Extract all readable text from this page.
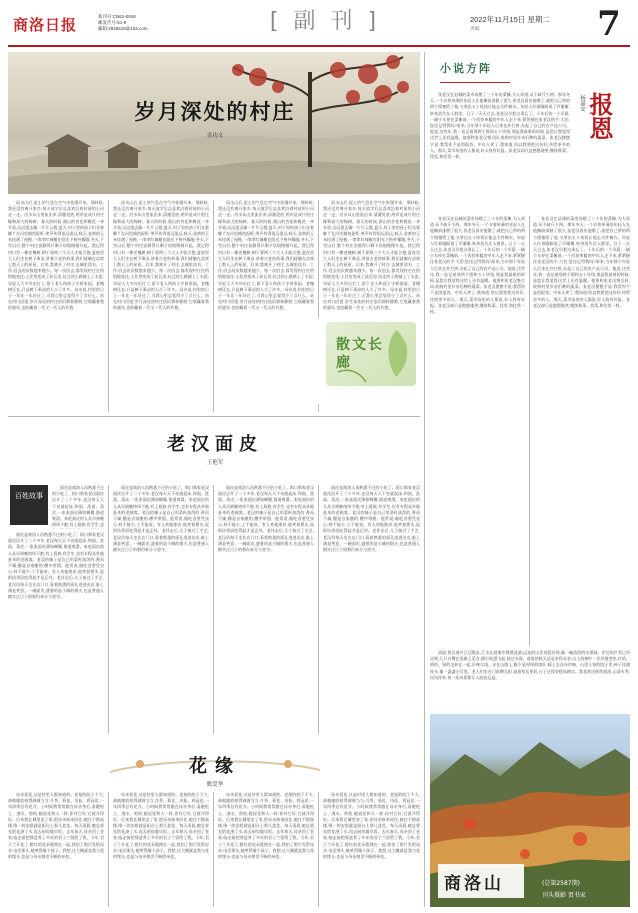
商洛日报	新刊号:CN61-0048
邮发代号:51-9
邮箱:2845510@163.com	[ 副 刊 ]	2022年11月15日 星期二
责编:	7
岁月深处的村庄
金功文
雨水山后,泥土的气息在空气中弥漫开来。那时候,我还没有离开家乡,每天放学后总喜欢沿着村前的小河走一走。河水从山里流出来,清澈见底,两岸是成片的庄稼和高大的杨树。春天的时候,满山的杏花和桃花一齐开放,远远望去像一片片云霞;夏天,村子里的孩子们光着脚丫在河里摸鱼捉虾,笑声传得很远很远;秋天,金黄的玉米挂满了屋檐,一串串红辣椒在阳光下格外耀眼;冬天,下雪以后,整个村庄安静得只剩下炊烟慢慢升起。我记得村口有一棵老槐树,树干要两三个大人才能合抱,夏夜里大人们坐在树下乘凉,讲着古老的故事,我们就躺在凉席上数天上的星星。后来,我离开了村庄,去城里读书、工作,回去的次数越来越少。每一次回去,都发现村庄在悄悄地变化:土坯房变成了砖瓦房,坑洼的土路铺上了水泥,年轻人大多外出打工,留下老人和孩子守着家园。老槐树还在,只是树下乘凉的人少了许多。母亲说,村里的日子一年比一年好过了,可我心里总觉得少了点什么。站在村口回望,岁月深处的村庄依旧那样静默,它收藏着我的童年,也收藏着一代又一代人的乡愁。
雨水山后,泥土的气息在空气中弥漫开来。那时候,我还没有离开家乡,每天放学后总喜欢沿着村前的小河走一走。河水从山里流出来,清澈见底,两岸是成片的庄稼和高大的杨树。春天的时候,满山的杏花和桃花一齐开放,远远望去像一片片云霞;夏天,村子里的孩子们光着脚丫在河里摸鱼捉虾,笑声传得很远很远;秋天,金黄的玉米挂满了屋檐,一串串红辣椒在阳光下格外耀眼;冬天,下雪以后,整个村庄安静得只剩下炊烟慢慢升起。我记得村口有一棵老槐树,树干要两三个大人才能合抱,夏夜里大人们坐在树下乘凉,讲着古老的故事,我们就躺在凉席上数天上的星星。后来,我离开了村庄,去城里读书、工作,回去的次数越来越少。每一次回去,都发现村庄在悄悄地变化:土坯房变成了砖瓦房,坑洼的土路铺上了水泥,年轻人大多外出打工,留下老人和孩子守着家园。老槐树还在,只是树下乘凉的人少了许多。母亲说,村里的日子一年比一年好过了,可我心里总觉得少了点什么。站在村口回望,岁月深处的村庄依旧那样静默,它收藏着我的童年,也收藏着一代又一代人的乡愁。
雨水山后,泥土的气息在空气中弥漫开来。那时候,我还没有离开家乡,每天放学后总喜欢沿着村前的小河走一走。河水从山里流出来,清澈见底,两岸是成片的庄稼和高大的杨树。春天的时候,满山的杏花和桃花一齐开放,远远望去像一片片云霞;夏天,村子里的孩子们光着脚丫在河里摸鱼捉虾,笑声传得很远很远;秋天,金黄的玉米挂满了屋檐,一串串红辣椒在阳光下格外耀眼;冬天,下雪以后,整个村庄安静得只剩下炊烟慢慢升起。我记得村口有一棵老槐树,树干要两三个大人才能合抱,夏夜里大人们坐在树下乘凉,讲着古老的故事,我们就躺在凉席上数天上的星星。后来,我离开了村庄,去城里读书、工作,回去的次数越来越少。每一次回去,都发现村庄在悄悄地变化:土坯房变成了砖瓦房,坑洼的土路铺上了水泥,年轻人大多外出打工,留下老人和孩子守着家园。老槐树还在,只是树下乘凉的人少了许多。母亲说,村里的日子一年比一年好过了,可我心里总觉得少了点什么。站在村口回望,岁月深处的村庄依旧那样静默,它收藏着我的童年,也收藏着一代又一代人的乡愁。
雨水山后,泥土的气息在空气中弥漫开来。那时候,我还没有离开家乡,每天放学后总喜欢沿着村前的小河走一走。河水从山里流出来,清澈见底,两岸是成片的庄稼和高大的杨树。春天的时候,满山的杏花和桃花一齐开放,远远望去像一片片云霞;夏天,村子里的孩子们光着脚丫在河里摸鱼捉虾,笑声传得很远很远;秋天,金黄的玉米挂满了屋檐,一串串红辣椒在阳光下格外耀眼;冬天,下雪以后,整个村庄安静得只剩下炊烟慢慢升起。我记得村口有一棵老槐树,树干要两三个大人才能合抱,夏夜里大人们坐在树下乘凉,讲着古老的故事,我们就躺在凉席上数天上的星星。后来,我离开了村庄,去城里读书、工作,回去的次数越来越少。每一次回去,都发现村庄在悄悄地变化:土坯房变成了砖瓦房,坑洼的土路铺上了水泥,年轻人大多外出打工,留下老人和孩子守着家园。老槐树还在,只是树下乘凉的人少了许多。母亲说,村里的日子一年比一年好过了,可我心里总觉得少了点什么。站在村口回望,岁月深处的村庄依旧那样静默,它收藏着我的童年,也收藏着一代又一代人的乡愁。
老汉面皮
王艳军
百姓故事
面皮是商洛人再熟悉不过的小吃了。街口那家老汉面皮店开了二十多年,老汉每天天不亮就起床,和面、洗面、蒸皮,一张张面皮薄如蝉翼,筋道爽滑。来吃面皮的人从早到晚络绎不绝,有上班族,有学生,也
面皮是商洛人再熟悉不过的小吃了。街口那家老汉面皮店开了二十多年,老汉每天天不亮就起床,和面、洗面、蒸皮,一张张面皮薄如蝉翼,筋道爽滑。来吃面皮的人从早到晚络绎不绝,有上班族,有学生,也有专程从外地赶来的老顾客。老汉的辣子是自己用菜籽油泼的,香而不燥;醋是自家酿的,酸中带甜。他常说,做吃食要凭良心,料不能少,工不能省。有人劝他涨价,他笑着摇头,说街坊邻居吃得起才是正经。老伴走后,儿子接过了手艺,老汉仍每天坐在店门口,看着熟悉的面孔进进出出,脸上满是笑意。一碗面皮,盛着的是小城的烟火,也是普通人踏实过日子的那份本分与坚守。
面皮是商洛人再熟悉不过的小吃了。街口那家老汉面皮店开了二十多年,老汉每天天不亮就起床,和面、洗面、蒸皮,一张张面皮薄如蝉翼,筋道爽滑。来吃面皮的人从早到晚络绎不绝,有上班族,有学生,也有专程从外地赶来的老顾客。老汉的辣子是自己用菜籽油泼的,香而不燥;醋是自家酿的,酸中带甜。他常说,做吃食要凭良心,料不能少,工不能省。有人劝他涨价,他笑着摇头,说街坊邻居吃得起才是正经。老伴走后,儿子接过了手艺,老汉仍每天坐在店门口,看着熟悉的面孔进进出出,脸上满是笑意。一碗面皮,盛着的是小城的烟火,也是普通人踏实过日子的那份本分与坚守。
面皮是商洛人再熟悉不过的小吃了。街口那家老汉面皮店开了二十多年,老汉每天天不亮就起床,和面、洗面、蒸皮,一张张面皮薄如蝉翼,筋道爽滑。来吃面皮的人从早到晚络绎不绝,有上班族,有学生,也有专程从外地赶来的老顾客。老汉的辣子是自己用菜籽油泼的,香而不燥;醋是自家酿的,酸中带甜。他常说,做吃食要凭良心,料不能少,工不能省。有人劝他涨价,他笑着摇头,说街坊邻居吃得起才是正经。老伴走后,儿子接过了手艺,老汉仍每天坐在店门口,看着熟悉的面孔进进出出,脸上满是笑意。一碗面皮,盛着的是小城的烟火,也是普通人踏实过日子的那份本分与坚守。
面皮是商洛人再熟悉不过的小吃了。街口那家老汉面皮店开了二十多年,老汉每天天不亮就起床,和面、洗面、蒸皮,一张张面皮薄如蝉翼,筋道爽滑。来吃面皮的人从早到晚络绎不绝,有上班族,有学生,也有专程从外地赶来的老顾客。老汉的辣子是自己用菜籽油泼的,香而不燥;醋是自家酿的,酸中带甜。他常说,做吃食要凭良心,料不能少,工不能省。有人劝他涨价,他笑着摇头,说街坊邻居吃得起才是正经。老伴走后,儿子接过了手艺,老汉仍每天坐在店门口,看着熟悉的面孔进进出出,脸上满是笑意。一碗面皮,盛着的是小城的烟火,也是普通人踏实过日子的那份本分与坚守。
花缘
默爱华
母亲爱花,这是村里人都知道的。老屋的院子不大,却被她收拾得满满当当,月季、菊花、凤仙、鸡冠花,一年四季总有花开。小时候我常常跟在母亲身后,看她松土、浇水、剪枝,她说花和人一样,你对它好,它就开得好。后来我在城里安了家,把母亲接来同住,她住不惯高楼,唯一的安慰就是阳台上那几盆花。每天清晨,她总要先给花浇了水,再去厨房做早饭。去年春天,母亲回了老家,临走前把那盆养了多年的君子兰留给了我。今年,君子兰开花了,橙红的花朵簇拥在一起,我拍了照片发给母亲,电话那头,她笑得像个孩子。我想,这大概就是我与花的缘分,也是与母亲割舍不断的牵挂。
母亲爱花,这是村里人都知道的。老屋的院子不大,却被她收拾得满满当当,月季、菊花、凤仙、鸡冠花,一年四季总有花开。小时候我常常跟在母亲身后,看她松土、浇水、剪枝,她说花和人一样,你对它好,它就开得好。后来我在城里安了家,把母亲接来同住,她住不惯高楼,唯一的安慰就是阳台上那几盆花。每天清晨,她总要先给花浇了水,再去厨房做早饭。去年春天,母亲回了老家,临走前把那盆养了多年的君子兰留给了我。今年,君子兰开花了,橙红的花朵簇拥在一起,我拍了照片发给母亲,电话那头,她笑得像个孩子。我想,这大概就是我与花的缘分,也是与母亲割舍不断的牵挂。
母亲爱花,这是村里人都知道的。老屋的院子不大,却被她收拾得满满当当,月季、菊花、凤仙、鸡冠花,一年四季总有花开。小时候我常常跟在母亲身后,看她松土、浇水、剪枝,她说花和人一样,你对它好,它就开得好。后来我在城里安了家,把母亲接来同住,她住不惯高楼,唯一的安慰就是阳台上那几盆花。每天清晨,她总要先给花浇了水,再去厨房做早饭。去年春天,母亲回了老家,临走前把那盆养了多年的君子兰留给了我。今年,君子兰开花了,橙红的花朵簇拥在一起,我拍了照片发给母亲,电话那头,她笑得像个孩子。我想,这大概就是我与花的缘分,也是与母亲割舍不断的牵挂。
母亲爱花,这是村里人都知道的。老屋的院子不大,却被她收拾得满满当当,月季、菊花、凤仙、鸡冠花,一年四季总有花开。小时候我常常跟在母亲身后,看她松土、浇水、剪枝,她说花和人一样,你对它好,它就开得好。后来我在城里安了家,把母亲接来同住,她住不惯高楼,唯一的安慰就是阳台上那几盆花。每天清晨,她总要先给花浇了水,再去厨房做早饭。去年春天,母亲回了老家,临走前把那盆养了多年的君子兰留给了我。今年,君子兰开花了,橙红的花朵簇拥在一起,我拍了照片发给母亲,电话那头,她笑得像个孩子。我想,这大概就是我与花的缘分,也是与母亲割舍不断的牵挂。
小说方阵
报恩
杨嘉安
张老汉在县城的菜市场摆了三十年的菜摊,为人厚道,从不缺斤少两。那年冬天,一个衣着单薄的年轻人在他摊前徘徊了很久,张老汉看出他饿了,就把自己带的两个馍塞给了他,又拿出五十块钱让他去买件棉衣。年轻人红着眼眶说了声谢谢,转身消失在人群里。日子一天天过去,张老汉早把这事忘了。十年后的一个早晨,一辆小车停在菜摊前,一个西装革履的中年人走下来,紧紧握住张老汉的手:大伯,您还记得我吗?原来,当年那个年轻人后来在外打拼,办起了自己的农产品公司。他说,这些年,我一直记着那两个馍和五十块钱,那是我最难的时候,是您让我觉得这世上还有温暖。他要和张老汉签合同,收购村里乡亲们种的蔬菜。张老汉摆摆手说:我帮你不是图报答。中年人笑了:我知道,所以我要把这份好,传给更多的人。那天,菜市场里的人都说,好人终有好报。张老汉却只是憨憨地笑,继续称菜、找零,和往常一样。
张老汉在县城的菜市场摆了三十年的菜摊,为人厚道,从不缺斤少两。那年冬天,一个衣着单薄的年轻人在他摊前徘徊了很久,张老汉看出他饿了,就把自己带的两个馍塞给了他,又拿出五十块钱让他去买件棉衣。年轻人红着眼眶说了声谢谢,转身消失在人群里。日子一天天过去,张老汉早把这事忘了。十年后的一个早晨,一辆小车停在菜摊前,一个西装革履的中年人走下来,紧紧握住张老汉的手:大伯,您还记得我吗?原来,当年那个年轻人后来在外打拼,办起了自己的农产品公司。他说,这些年,我一直记着那两个馍和五十块钱,那是我最难的时候,是您让我觉得这世上还有温暖。他要和张老汉签合同,收购村里乡亲们种的蔬菜。张老汉摆摆手说:我帮你不是图报答。中年人笑了:我知道,所以我要把这份好,传给更多的人。那天,菜市场里的人都说,好人终有好报。张老汉却只是憨憨地笑,继续称菜、找零,和往常一样。
张老汉在县城的菜市场摆了三十年的菜摊,为人厚道,从不缺斤少两。那年冬天,一个衣着单薄的年轻人在他摊前徘徊了很久,张老汉看出他饿了,就把自己带的两个馍塞给了他,又拿出五十块钱让他去买件棉衣。年轻人红着眼眶说了声谢谢,转身消失在人群里。日子一天天过去,张老汉早把这事忘了。十年后的一个早晨,一辆小车停在菜摊前,一个西装革履的中年人走下来,紧紧握住张老汉的手:大伯,您还记得我吗?原来,当年那个年轻人后来在外打拼,办起了自己的农产品公司。他说,这些年,我一直记着那两个馍和五十块钱,那是我最难的时候,是您让我觉得这世上还有温暖。他要和张老汉签合同,收购村里乡亲们种的蔬菜。张老汉摆摆手说:我帮你不是图报答。中年人笑了:我知道,所以我要把这份好,传给更多的人。那天,菜市场里的人都说,好人终有好报。张老汉却只是憨憨地笑,继续称菜、找零,和往常一样。
散文长廊
清晨,我沿着丹江边散步,江水在晨雾中缓缓流淌,远处的山峦若隐若现,像一幅淡淡的水墨画。岸边的芦苇已经泛黄,几只白鹭在浅滩上觅食,偶尔展翅飞起,掠过水面。商洛的秋天总是来得从容,山上的树叶一层层地变色,红的、黄的、绿的交织在一起,层林尽染。走在山路上,脚下是厚厚的落叶,踩上去沙沙作响。山里人家的院子里,柿子挂满枝头,像一盏盏小灯笼。老人们坐在门前晒太阳,说着家长里短,日子过得安稳而踏实。我喜欢这样的商洛,山清水秀,民风淳朴,每一处风景都让人流连忘返。
商洛山	(总第2587期)
刊头摄影 贾书家
